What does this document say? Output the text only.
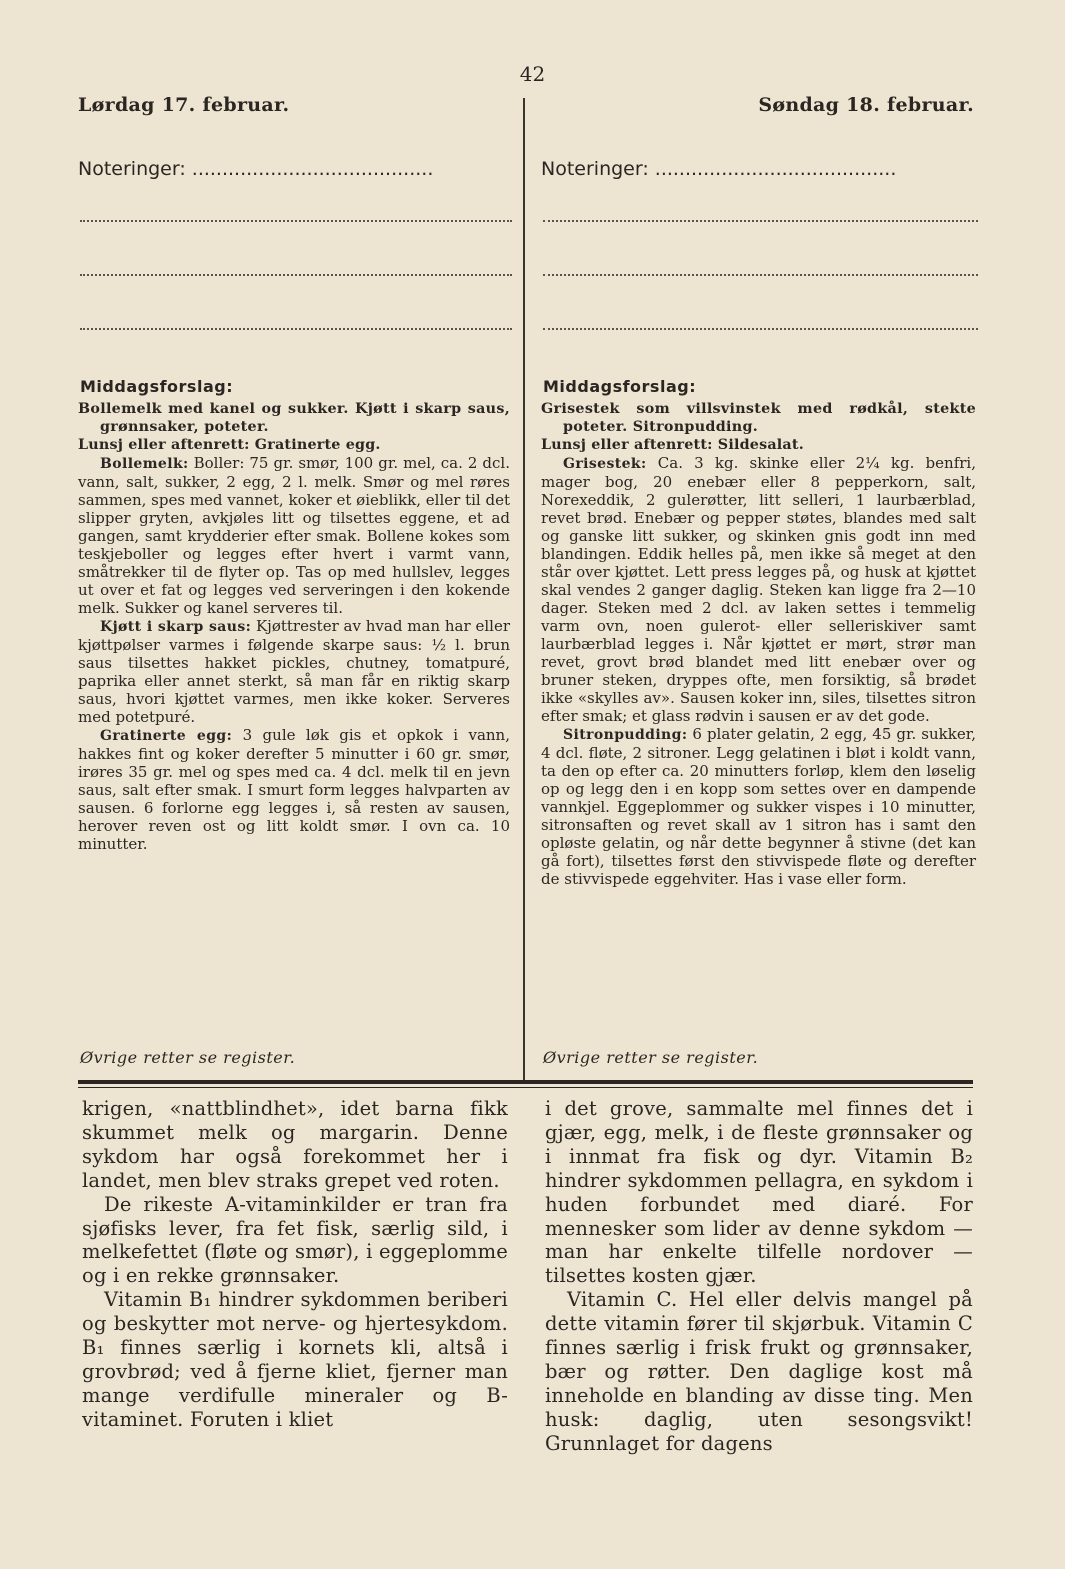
42
Lørdag 17. februar.
Noteringer: ........................................
Middagsforslag:

Bollemelk med kanel og sukker. Kjøtt i skarp saus, grønnsaker, poteter.

Lunsj eller aftenrett: Gratinerte egg.

Bollemelk: Boller: 75 gr. smør, 100 gr. mel, ca. 2 dcl. vann, salt, sukker, 2 egg, 2 l. melk. Smør og mel røres sammen, spes med vannet, koker et øieblikk, eller til det slipper gryten, avkjøles litt og tilsettes eggene, et ad gangen, samt krydderier efter smak. Bollene kokes som teskjeboller og legges efter hvert i varmt vann, småtrekker til de flyter op. Tas op med hullslev, legges ut over et fat og legges ved serveringen i den kokende melk. Sukker og kanel serveres til.

Kjøtt i skarp saus: Kjøttrester av hvad man har eller kjøttpølser varmes i følgende skarpe saus: ½ l. brun saus tilsettes hakket pickles, chutney, tomatpuré, paprika eller annet sterkt, så man får en riktig skarp saus, hvori kjøttet varmes, men ikke koker. Serveres med potetpuré.

Gratinerte egg: 3 gule løk gis et opkok i vann, hakkes fint og koker derefter 5 minutter i 60 gr. smør, irøres 35 gr. mel og spes med ca. 4 dcl. melk til en jevn saus, salt efter smak. I smurt form legges halvparten av sausen. 6 forlorne egg legges i, så resten av sausen, herover reven ost og litt koldt smør. I ovn ca. 10 minutter.

Øvrige retter se register.
Søndag 18. februar.
Noteringer: ........................................
Middagsforslag:

Grisestek som villsvinstek med rødkål, stekte poteter. Sitronpudding.

Lunsj eller aftenrett: Sildesalat.

Grisestek: Ca. 3 kg. skinke eller 2¼ kg. benfri, mager bog, 20 enebær eller 8 pepperkorn, salt, Norexeddik, 2 gulerøtter, litt selleri, 1 laurbærblad, revet brød. Enebær og pepper støtes, blandes med salt og ganske litt sukker, og skinken gnis godt inn med blandingen. Eddik helles på, men ikke så meget at den står over kjøttet. Lett press legges på, og husk at kjøttet skal vendes 2 ganger daglig. Steken kan ligge fra 2—10 dager. Steken med 2 dcl. av laken settes i temmelig varm ovn, noen gulerot- eller selleriskiver samt laurbærblad legges i. Når kjøttet er mørt, strør man revet, grovt brød blandet med litt enebær over og bruner steken, dryppes ofte, men forsiktig, så brødet ikke «skylles av». Sausen koker inn, siles, tilsettes sitron efter smak; et glass rødvin i sausen er av det gode.

Sitronpudding: 6 plater gelatin, 2 egg, 45 gr. sukker, 4 dcl. fløte, 2 sitroner. Legg gelatinen i bløt i koldt vann, ta den op efter ca. 20 minutters forløp, klem den løselig op og legg den i en kopp som settes over en dampende vannkjel. Eggeplommer og sukker vispes i 10 minutter, sitronsaften og revet skall av 1 sitron has i samt den opløste gelatin, og når dette begynner å stivne (det kan gå fort), tilsettes først den stivvispede fløte og derefter de stivvispede eggehviter. Has i vase eller form.

Øvrige retter se register.

krigen, «nattblindhet», idet barna fikk skummet melk og margarin. Denne sykdom har også forekommet her i landet, men blev straks grepet ved roten.

De rikeste A-vitaminkilder er tran fra sjøfisks lever, fra fet fisk, særlig sild, i melkefettet (fløte og smør), i eggeplomme og i en rekke grønnsaker.

Vitamin B₁ hindrer sykdommen beriberi og beskytter mot nerve- og hjertesykdom. B₁ finnes særlig i kornets kli, altså i grovbrød; ved å fjerne kliet, fjerner man mange verdifulle mineraler og B-vitaminet. Foruten i kliet

i det grove, sammalte mel finnes det i gjær, egg, melk, i de fleste grønnsaker og i innmat fra fisk og dyr. Vitamin B₂ hindrer sykdommen pellagra, en sykdom i huden forbundet med diaré. For mennesker som lider av denne sykdom — man har enkelte tilfelle nordover — tilsettes kosten gjær.

Vitamin C. Hel eller delvis mangel på dette vitamin fører til skjørbuk. Vitamin C finnes særlig i frisk frukt og grønnsaker, bær og røtter. Den daglige kost må inneholde en blanding av disse ting. Men husk: daglig, uten sesongsvikt! Grunnlaget for dagens
